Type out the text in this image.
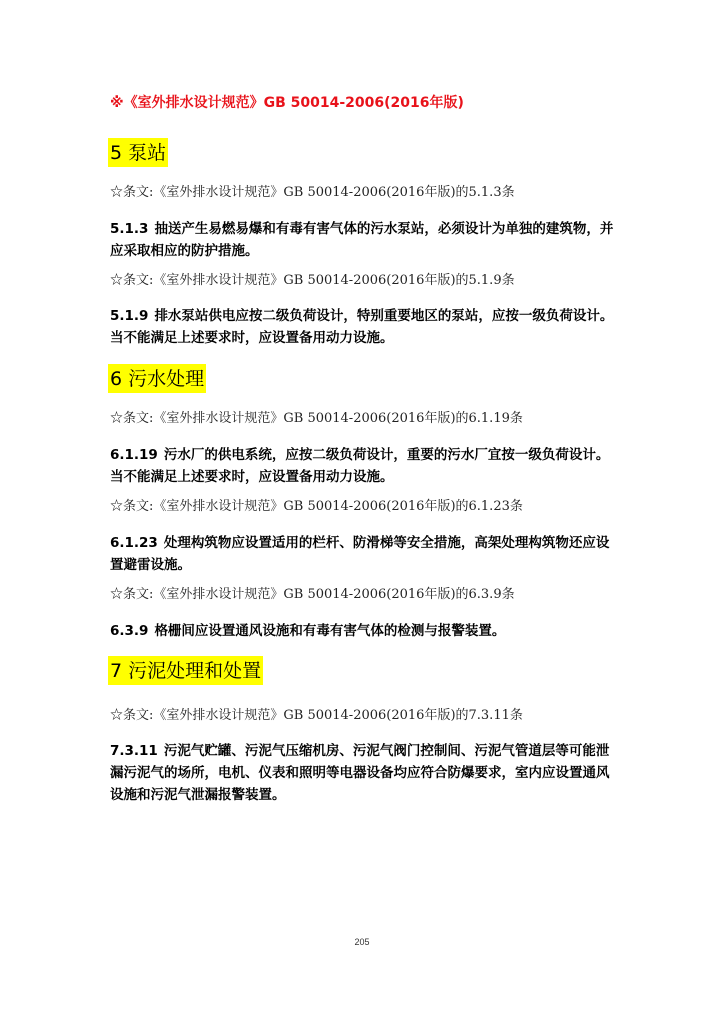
※《室外排水设计规范》GB 50014-2006(2016年版)

5 泵站

☆条文:《室外排水设计规范》GB 50014-2006(2016年版)的5.1.3条

5.1.3 抽送产生易燃易爆和有毒有害气体的污水泵站，必须设计为单独的建筑物，并应采取相应的防护措施。

☆条文:《室外排水设计规范》GB 50014-2006(2016年版)的5.1.9条

5.1.9 排水泵站供电应按二级负荷设计，特别重要地区的泵站，应按一级负荷设计。当不能满足上述要求时，应设置备用动力设施。

6 污水处理

☆条文:《室外排水设计规范》GB 50014-2006(2016年版)的6.1.19条

6.1.19 污水厂的供电系统，应按二级负荷设计，重要的污水厂宜按一级负荷设计。当不能满足上述要求时，应设置备用动力设施。

☆条文:《室外排水设计规范》GB 50014-2006(2016年版)的6.1.23条

6.1.23 处理构筑物应设置适用的栏杆、防滑梯等安全措施，高架处理构筑物还应设置避雷设施。

☆条文:《室外排水设计规范》GB 50014-2006(2016年版)的6.3.9条

6.3.9 格栅间应设置通风设施和有毒有害气体的检测与报警装置。

7 污泥处理和处置

☆条文:《室外排水设计规范》GB 50014-2006(2016年版)的7.3.11条

7.3.11 污泥气贮罐、污泥气压缩机房、污泥气阀门控制间、污泥气管道层等可能泄漏污泥气的场所，电机、仪表和照明等电器设备均应符合防爆要求，室内应设置通风设施和污泥气泄漏报警装置。

205
